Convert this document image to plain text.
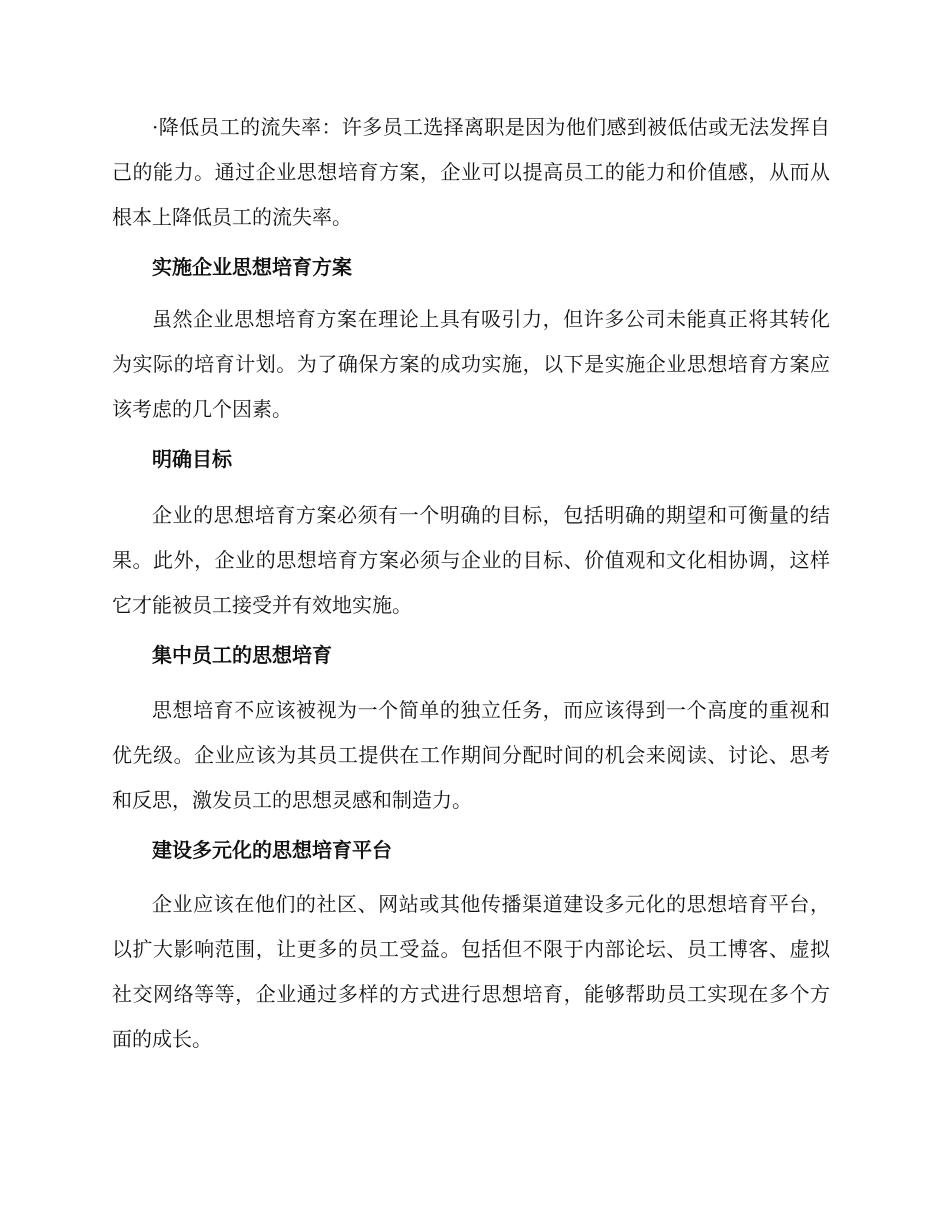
·降低员工的流失率：许多员工选择离职是因为他们感到被低估或无法发挥自己的能力。通过企业思想培育方案，企业可以提高员工的能力和价值感，从而从根本上降低员工的流失率。

实施企业思想培育方案

虽然企业思想培育方案在理论上具有吸引力，但许多公司未能真正将其转化为实际的培育计划。为了确保方案的成功实施，以下是实施企业思想培育方案应该考虑的几个因素。

明确目标

企业的思想培育方案必须有一个明确的目标，包括明确的期望和可衡量的结果。此外，企业的思想培育方案必须与企业的目标、价值观和文化相协调，这样它才能被员工接受并有效地实施。

集中员工的思想培育

思想培育不应该被视为一个简单的独立任务，而应该得到一个高度的重视和优先级。企业应该为其员工提供在工作期间分配时间的机会来阅读、讨论、思考和反思，激发员工的思想灵感和制造力。

建设多元化的思想培育平台

企业应该在他们的社区、网站或其他传播渠道建设多元化的思想培育平台，以扩大影响范围，让更多的员工受益。包括但不限于内部论坛、员工博客、虚拟社交网络等等，企业通过多样的方式进行思想培育，能够帮助员工实现在多个方面的成长。
